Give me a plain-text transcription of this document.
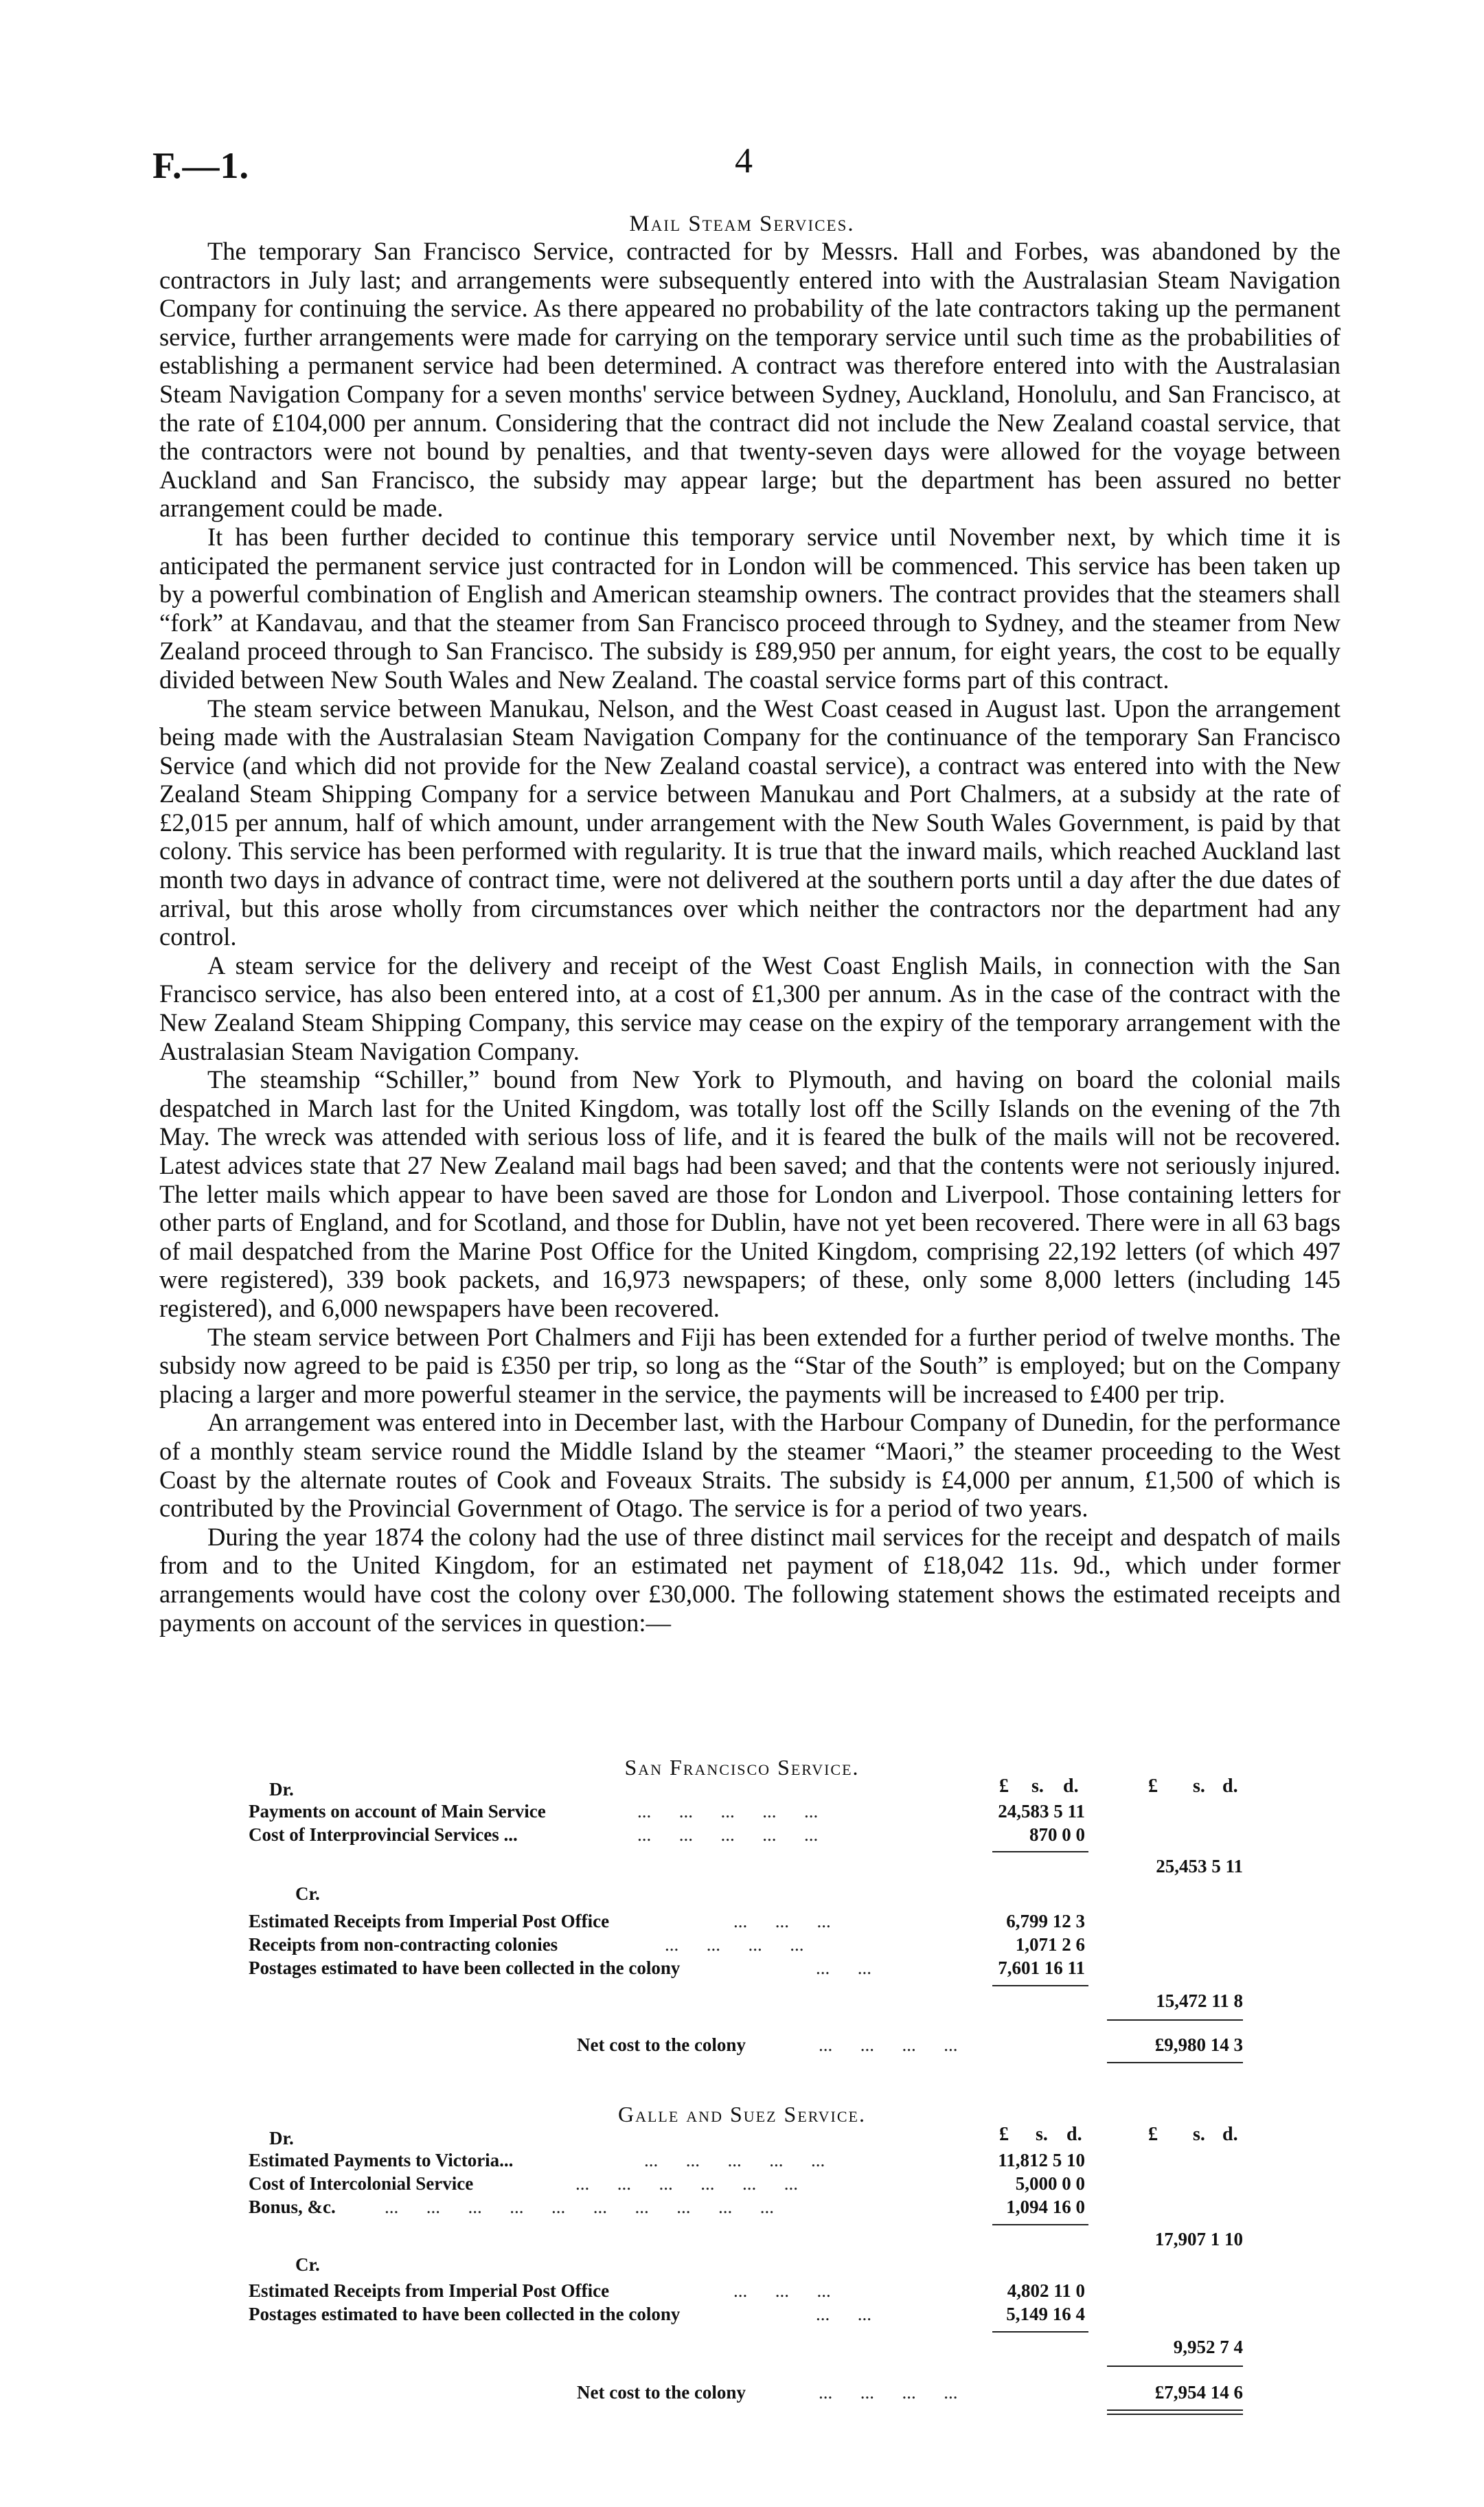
F.—1.	4
Mail Steam Services.

The temporary San Francisco Service, contracted for by Messrs. Hall and Forbes, was abandoned by the contractors in July last; and arrangements were subsequently entered into with the Australasian Steam Navigation Company for continuing the service. As there appeared no probability of the late contractors taking up the permanent service, further arrangements were made for carrying on the temporary service until such time as the probabilities of establishing a permanent service had been determined. A contract was therefore entered into with the Australasian Steam Navigation Company for a seven months' service between Sydney, Auckland, Honolulu, and San Francisco, at the rate of £104,000 per annum. Considering that the contract did not include the New Zealand coastal service, that the contractors were not bound by penalties, and that twenty-seven days were allowed for the voyage between Auckland and San Francisco, the subsidy may appear large; but the department has been assured no better arrangement could be made.

It has been further decided to continue this temporary service until November next, by which time it is anticipated the permanent service just contracted for in London will be commenced. This service has been taken up by a powerful combination of English and American steamship owners. The contract provides that the steamers shall “fork” at Kandavau, and that the steamer from San Francisco proceed through to Sydney, and the steamer from New Zealand proceed through to San Francisco. The subsidy is £89,950 per annum, for eight years, the cost to be equally divided between New South Wales and New Zealand. The coastal service forms part of this contract.

The steam service between Manukau, Nelson, and the West Coast ceased in August last. Upon the arrangement being made with the Australasian Steam Navigation Company for the continuance of the temporary San Francisco Service (and which did not provide for the New Zealand coastal service), a contract was entered into with the New Zealand Steam Shipping Company for a service between Manukau and Port Chalmers, at a subsidy at the rate of £2,015 per annum, half of which amount, under arrangement with the New South Wales Government, is paid by that colony. This service has been performed with regularity. It is true that the inward mails, which reached Auckland last month two days in advance of contract time, were not delivered at the southern ports until a day after the due dates of arrival, but this arose wholly from circumstances over which neither the contractors nor the department had any control.

A steam service for the delivery and receipt of the West Coast English Mails, in connection with the San Francisco service, has also been entered into, at a cost of £1,300 per annum. As in the case of the contract with the New Zealand Steam Shipping Company, this service may cease on the expiry of the temporary arrangement with the Australasian Steam Navigation Company.

The steamship “Schiller,” bound from New York to Plymouth, and having on board the colonial mails despatched in March last for the United Kingdom, was totally lost off the Scilly Islands on the evening of the 7th May. The wreck was attended with serious loss of life, and it is feared the bulk of the mails will not be recovered. Latest advices state that 27 New Zealand mail bags had been saved; and that the contents were not seriously injured. The letter mails which appear to have been saved are those for London and Liverpool. Those containing letters for other parts of England, and for Scotland, and those for Dublin, have not yet been recovered. There were in all 63 bags of mail despatched from the Marine Post Office for the United Kingdom, comprising 22,192 letters (of which 497 were registered), 339 book packets, and 16,973 newspapers; of these, only some 8,000 letters (including 145 registered), and 6,000 newspapers have been recovered.

The steam service between Port Chalmers and Fiji has been extended for a further period of twelve months. The subsidy now agreed to be paid is £350 per trip, so long as the “Star of the South” is employed; but on the Company placing a larger and more powerful steamer in the service, the payments will be increased to £400 per trip.

An arrangement was entered into in December last, with the Harbour Company of Dunedin, for the performance of a monthly steam service round the Middle Island by the steamer “Maori,” the steamer proceeding to the West Coast by the alternate routes of Cook and Foveaux Straits. The subsidy is £4,000 per annum, £1,500 of which is contributed by the Provincial Government of Otago. The service is for a period of two years.

During the year 1874 the colony had the use of three distinct mail services for the receipt and despatch of mails from and to the United Kingdom, for an estimated net payment of £18,042 11s. 9d., which under former arrangements would have cost the colony over £30,000. The following statement shows the estimated receipts and payments on account of the services in question:—

San Francisco Service.
£ s. d.	£ s. d.
Dr.
Payments on account of Main Service	...      ...      ...      ...      ...	24,583 5 11
Cost of Interprovincial Services ...	...      ...      ...      ...      ...	870 0 0
25,453 5 11
Cr.
Estimated Receipts from Imperial Post Office	...      ...      ...	6,799 12 3
Receipts from non-contracting colonies	...      ...      ...      ...	1,071 2 6
Postages estimated to have been collected in the colony	...      ...	7,601 16 11
15,472 11 8
Net cost to the colony	...      ...      ...      ...	£9,980 14 3
Galle and Suez Service.
£ s. d.	£ s. d.
Dr.
Estimated Payments to Victoria...	...      ...      ...      ...      ...	11,812 5 10
Cost of Intercolonial Service	...      ...      ...      ...      ...      ...	5,000 0 0
Bonus, &c.	...      ...      ...      ...      ...      ...      ...      ...      ...      ...	1,094 16 0
17,907 1 10
Cr.
Estimated Receipts from Imperial Post Office	...      ...      ...	4,802 11 0
Postages estimated to have been collected in the colony	...      ...	5,149 16 4
9,952 7 4
Net cost to the colony	...      ...      ...      ...	£7,954 14 6
